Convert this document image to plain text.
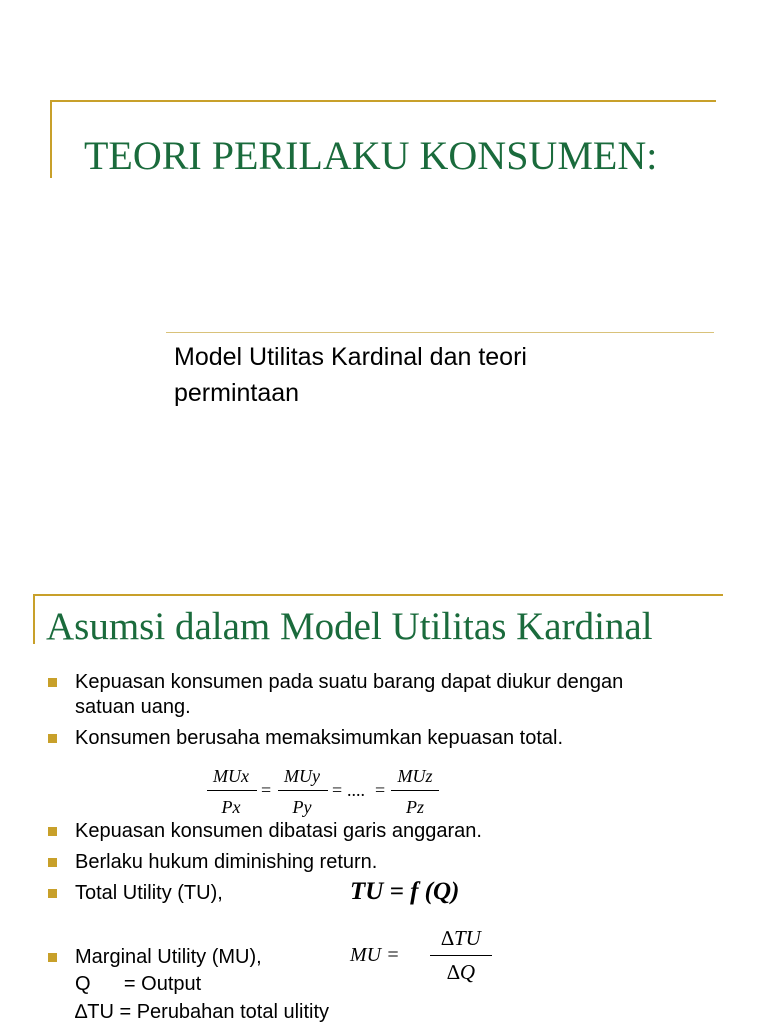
TEORI PERILAKU KONSUMEN:
Model Utilitas Kardinal dan teori
permintaan
Asumsi dalam Model Utilitas Kardinal
Kepuasan konsumen pada suatu barang dapat diukur dengan
satuan uang.
Konsumen berusaha memaksimumkan kepuasan total.
MUx
Px
=
MUy
Py
= .... =
MUz
Pz
Kepuasan konsumen dibatasi garis anggaran.
Berlaku hukum diminishing return.
Total Utility (TU),	TU = f (Q)
Marginal Utility (MU),	MU =
∆TU
∆Q
Q      = Output
∆TU = Perubahan total ulitity
